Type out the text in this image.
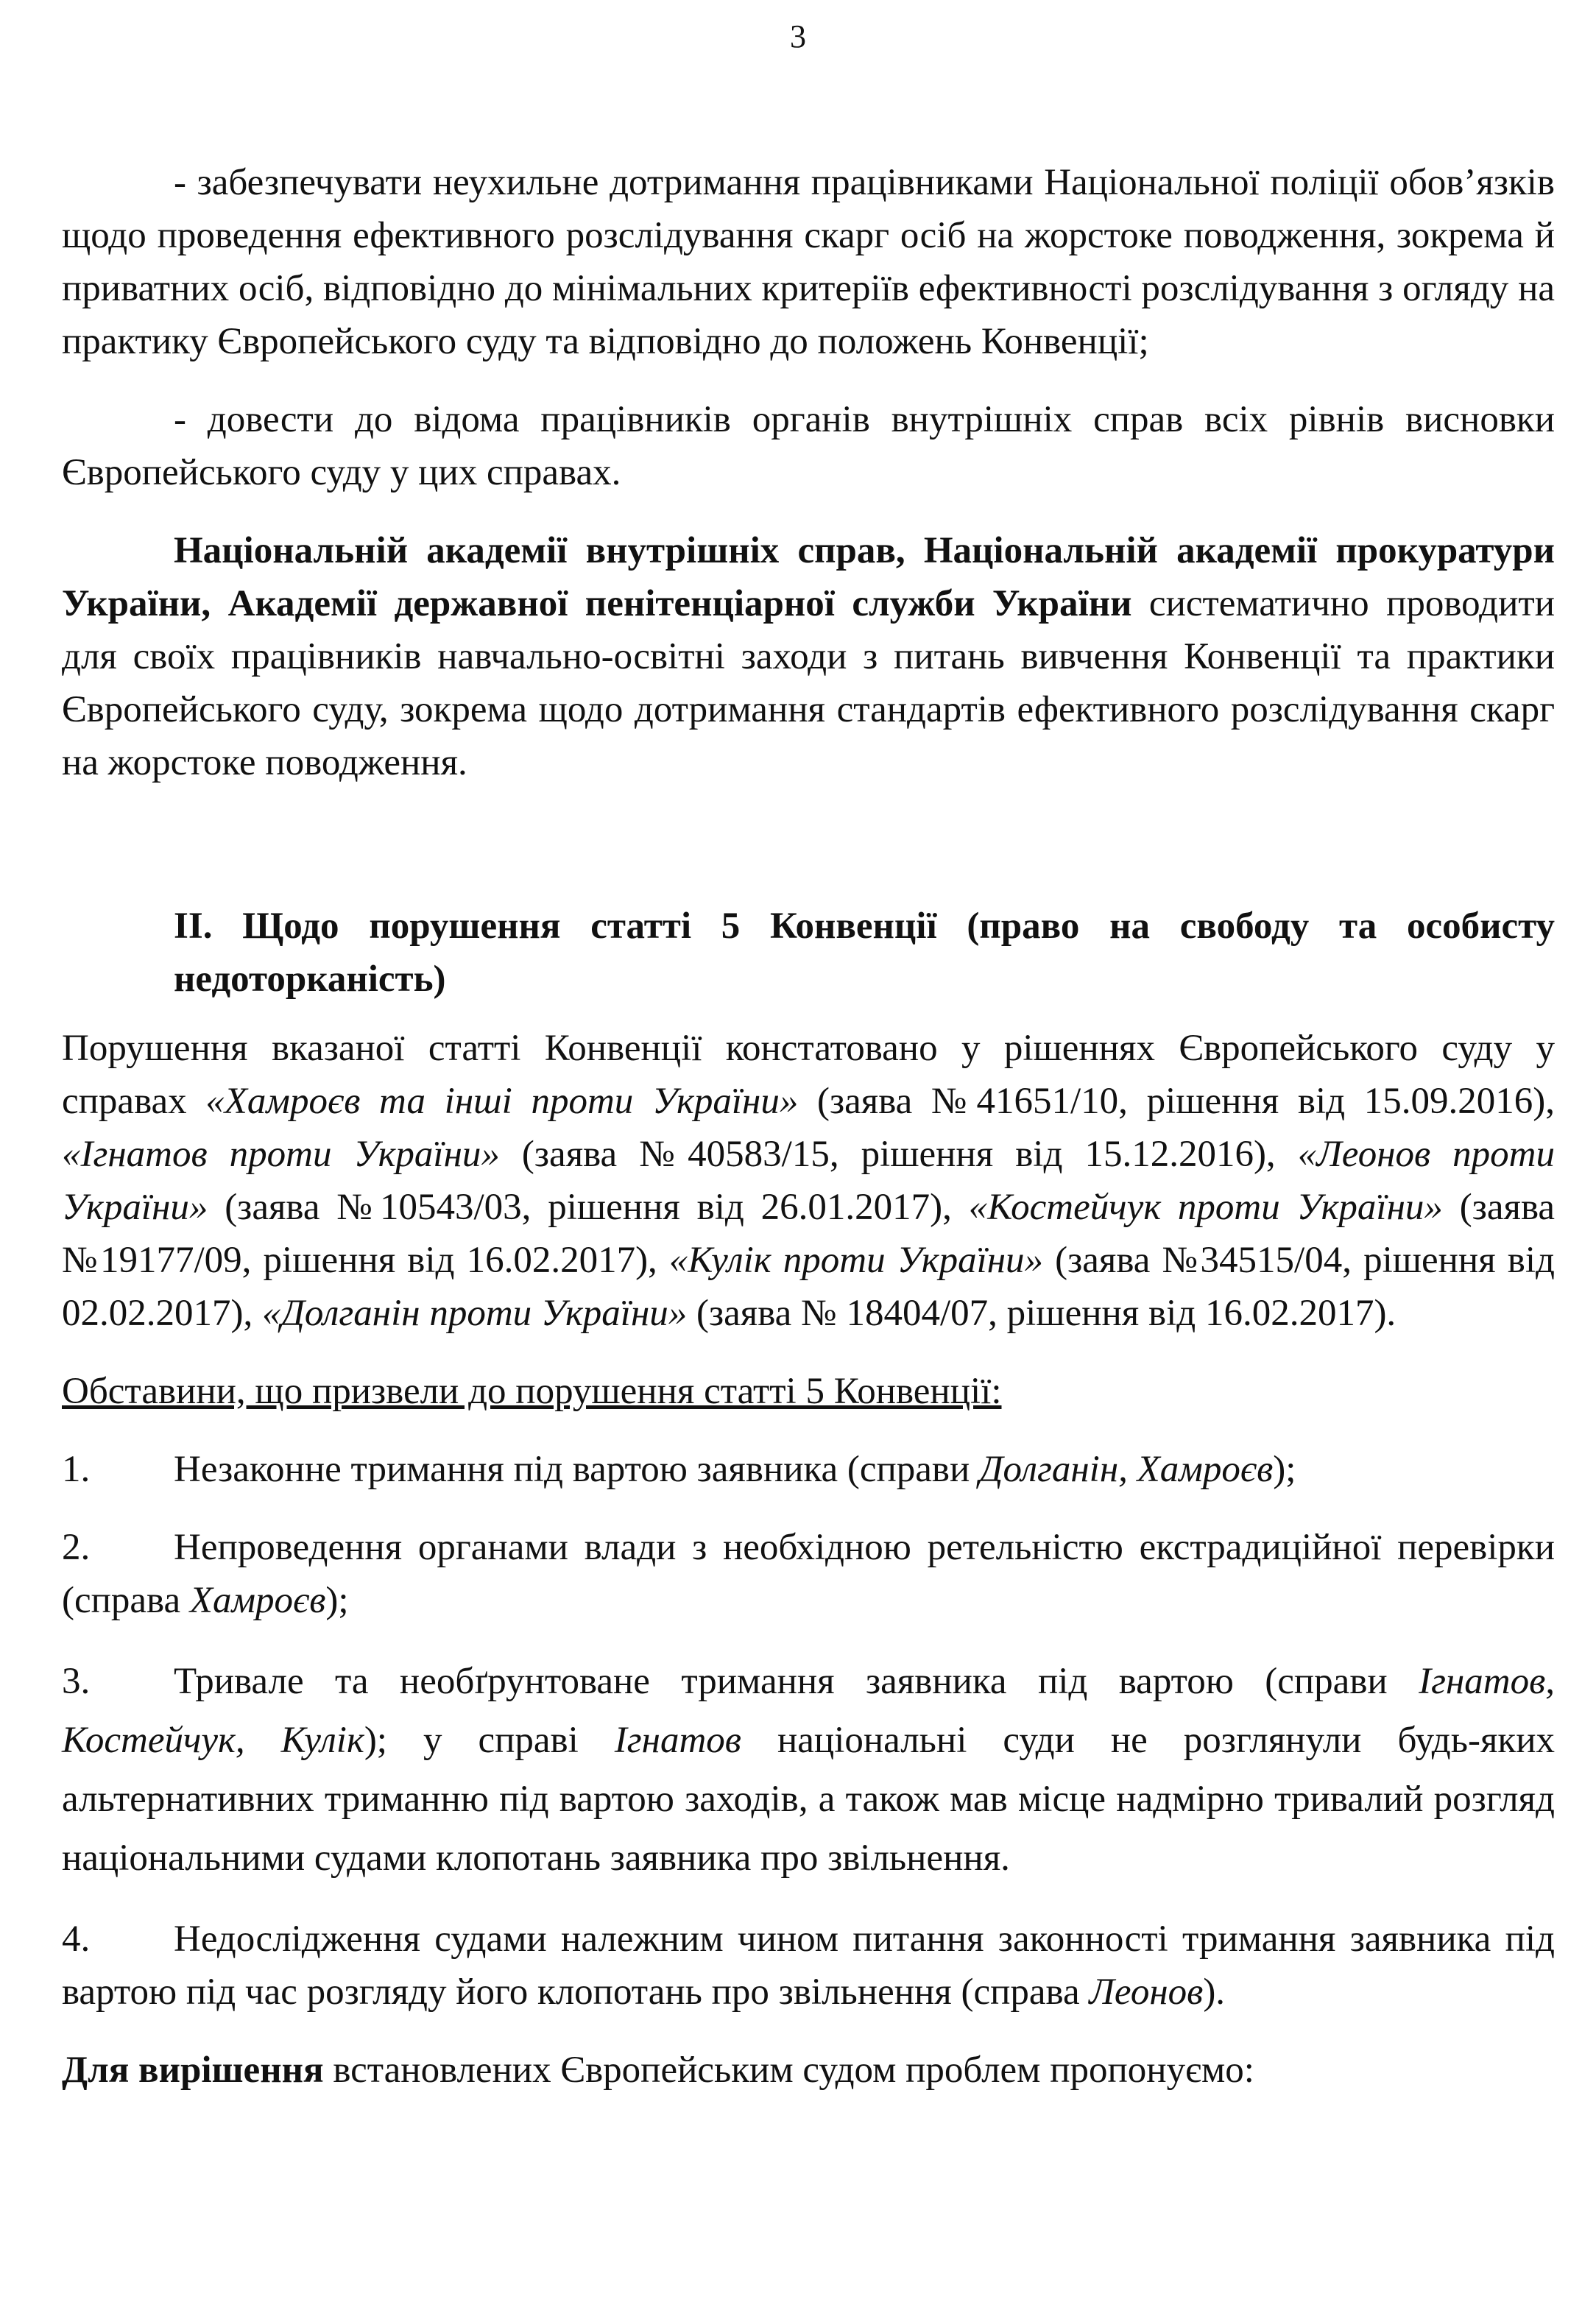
3

- забезпечувати неухильне дотримання працівниками Національної поліції обов’язків щодо проведення ефективного розслідування скарг осіб на жорстоке поводження, зокрема й приватних осіб, відповідно до мінімальних критеріїв ефективності розслідування з огляду на практику Європейського суду та відповідно до положень Конвенції;

- довести до відома працівників органів внутрішніх справ всіх рівнів висновки Європейського суду у цих справах.

Національній академії внутрішніх справ, Національній академії прокуратури України, Академії державної пенітенціарної служби України систематично проводити для своїх працівників навчально-освітні заходи з питань вивчення Конвенції та практики Європейського суду, зокрема щодо дотримання стандартів ефективного розслідування скарг на жорстоке поводження.

ІІ. Щодо порушення статті 5 Конвенції (право на свободу та особисту недоторканість)

Порушення вказаної статті Конвенції констатовано у рішеннях Європейського суду у справах «Хамроєв та інші проти України» (заява №41651/10, рішення від 15.09.2016), «Ігнатов проти України» (заява №40583/15, рішення від 15.12.2016), «Леонов проти України» (заява №10543/03, рішення від 26.01.2017), «Костейчук проти України» (заява №19177/09, рішення від 16.02.2017), «Кулік проти України» (заява №34515/04, рішення від 02.02.2017), «Долганін проти України» (заява № 18404/07, рішення від 16.02.2017).

Обставини, що призвели до порушення статті 5 Конвенції:

1. Незаконне тримання під вартою заявника (справи Долганін, Хамроєв);

2. Непроведення органами влади з необхідною ретельністю екстрадиційної перевірки (справа Хамроєв);

3. Тривале та необґрунтоване тримання заявника під вартою (справи Ігнатов, Костейчук, Кулік); у справі Ігнатов національні суди не розглянули будь-яких альтернативних триманню під вартою заходів, а також мав місце надмірно тривалий розгляд національними судами клопотань заявника про звільнення.

4. Недослідження судами належним чином питання законності тримання заявника під вартою під час розгляду його клопотань про звільнення (справа Леонов).

Для вирішення встановлених Європейським судом проблем пропонуємо:
